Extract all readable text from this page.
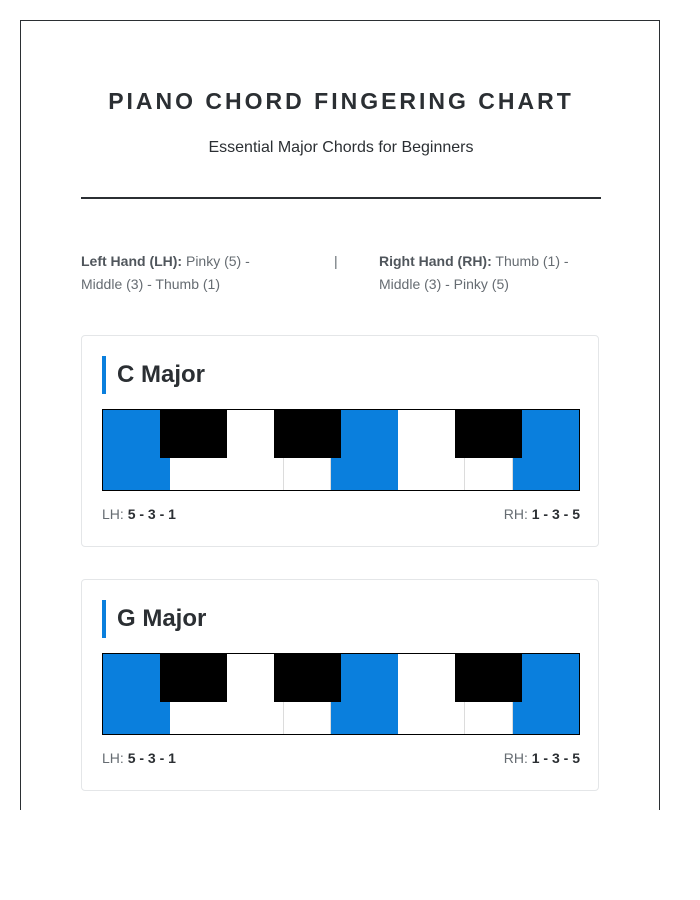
PIANO CHORD FINGERING CHART
Essential Major Chords for Beginners
Left Hand (LH): Pinky (5) - Middle (3) - Thumb (1)
|	Right Hand (RH): Thumb (1) - Middle (3) - Pinky (5)
C Major
LH: 5 - 3 - 1	RH: 1 - 3 - 5
G Major
LH: 5 - 3 - 1	RH: 1 - 3 - 5
